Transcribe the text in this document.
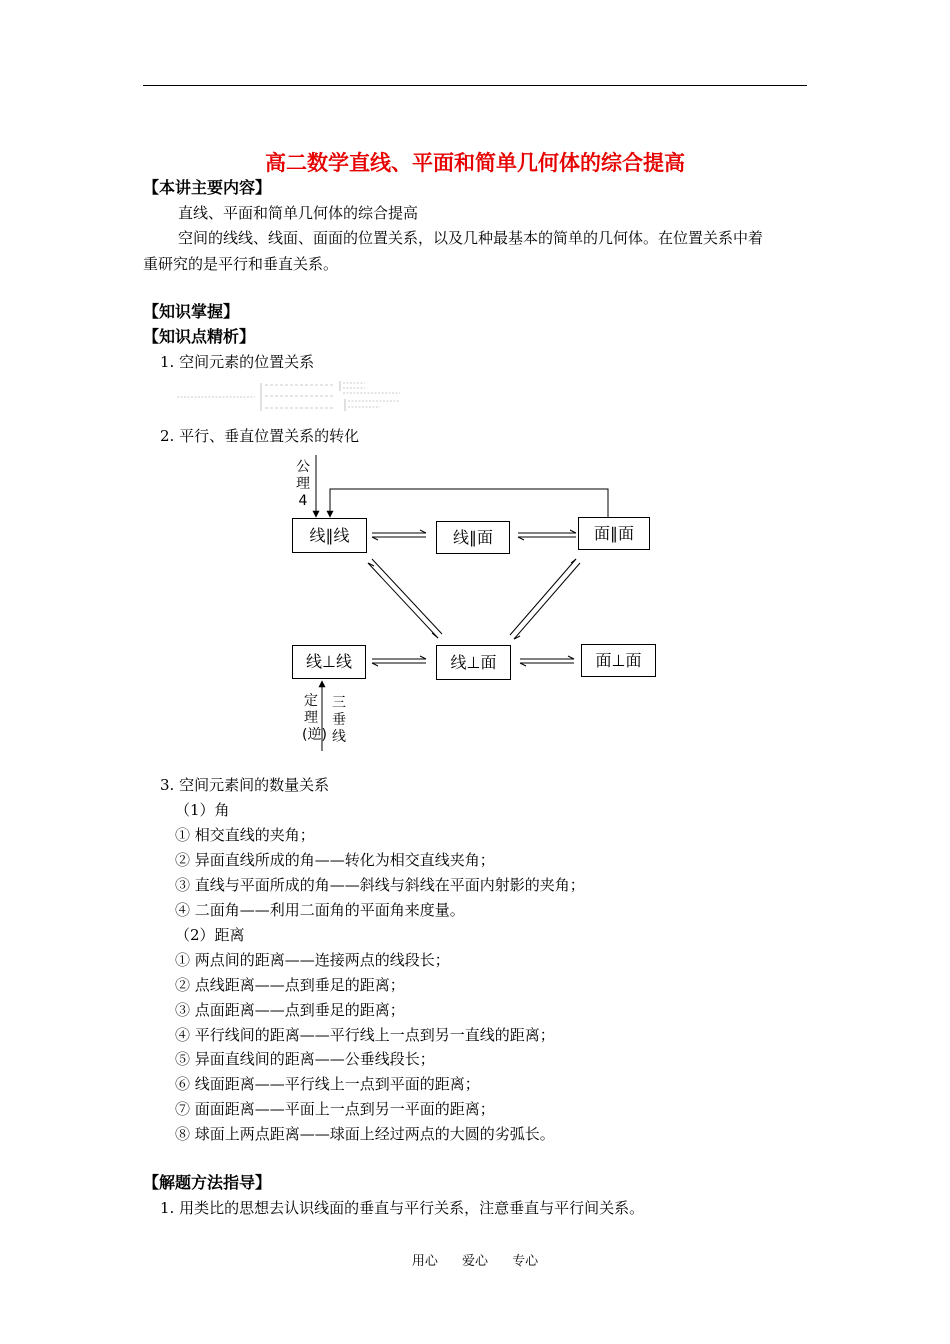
高二数学直线、平面和简单几何体的综合提高
【本讲主要内容】
直线、平面和简单几何体的综合提高
空间的线线、线面、面面的位置关系，以及几种最基本的简单的几何体。在位置关系中着
重研究的是平行和垂直关系。
【知识掌握】
【知识点精析】
1. 空间元素的位置关系
2. 平行、垂直位置关系的转化
公理4
定理(逆)
三垂线
线∥线	线∥面	面∥面
线⊥线	线⊥面	面⊥面
3. 空间元素间的数量关系
（1）角
① 相交直线的夹角；
② 异面直线所成的角——转化为相交直线夹角；
③ 直线与平面所成的角——斜线与斜线在平面内射影的夹角；
④ 二面角——利用二面角的平面角来度量。
（2）距离
① 两点间的距离——连接两点的线段长；
② 点线距离——点到垂足的距离；
③ 点面距离——点到垂足的距离；
④ 平行线间的距离——平行线上一点到另一直线的距离；
⑤ 异面直线间的距离——公垂线段长；
⑥ 线面距离——平行线上一点到平面的距离；
⑦ 面面距离——平面上一点到另一平面的距离；
⑧ 球面上两点距离——球面上经过两点的大圆的劣弧长。
【解题方法指导】
1. 用类比的思想去认识线面的垂直与平行关系，注意垂直与平行间关系。
用心 爱心 专心
